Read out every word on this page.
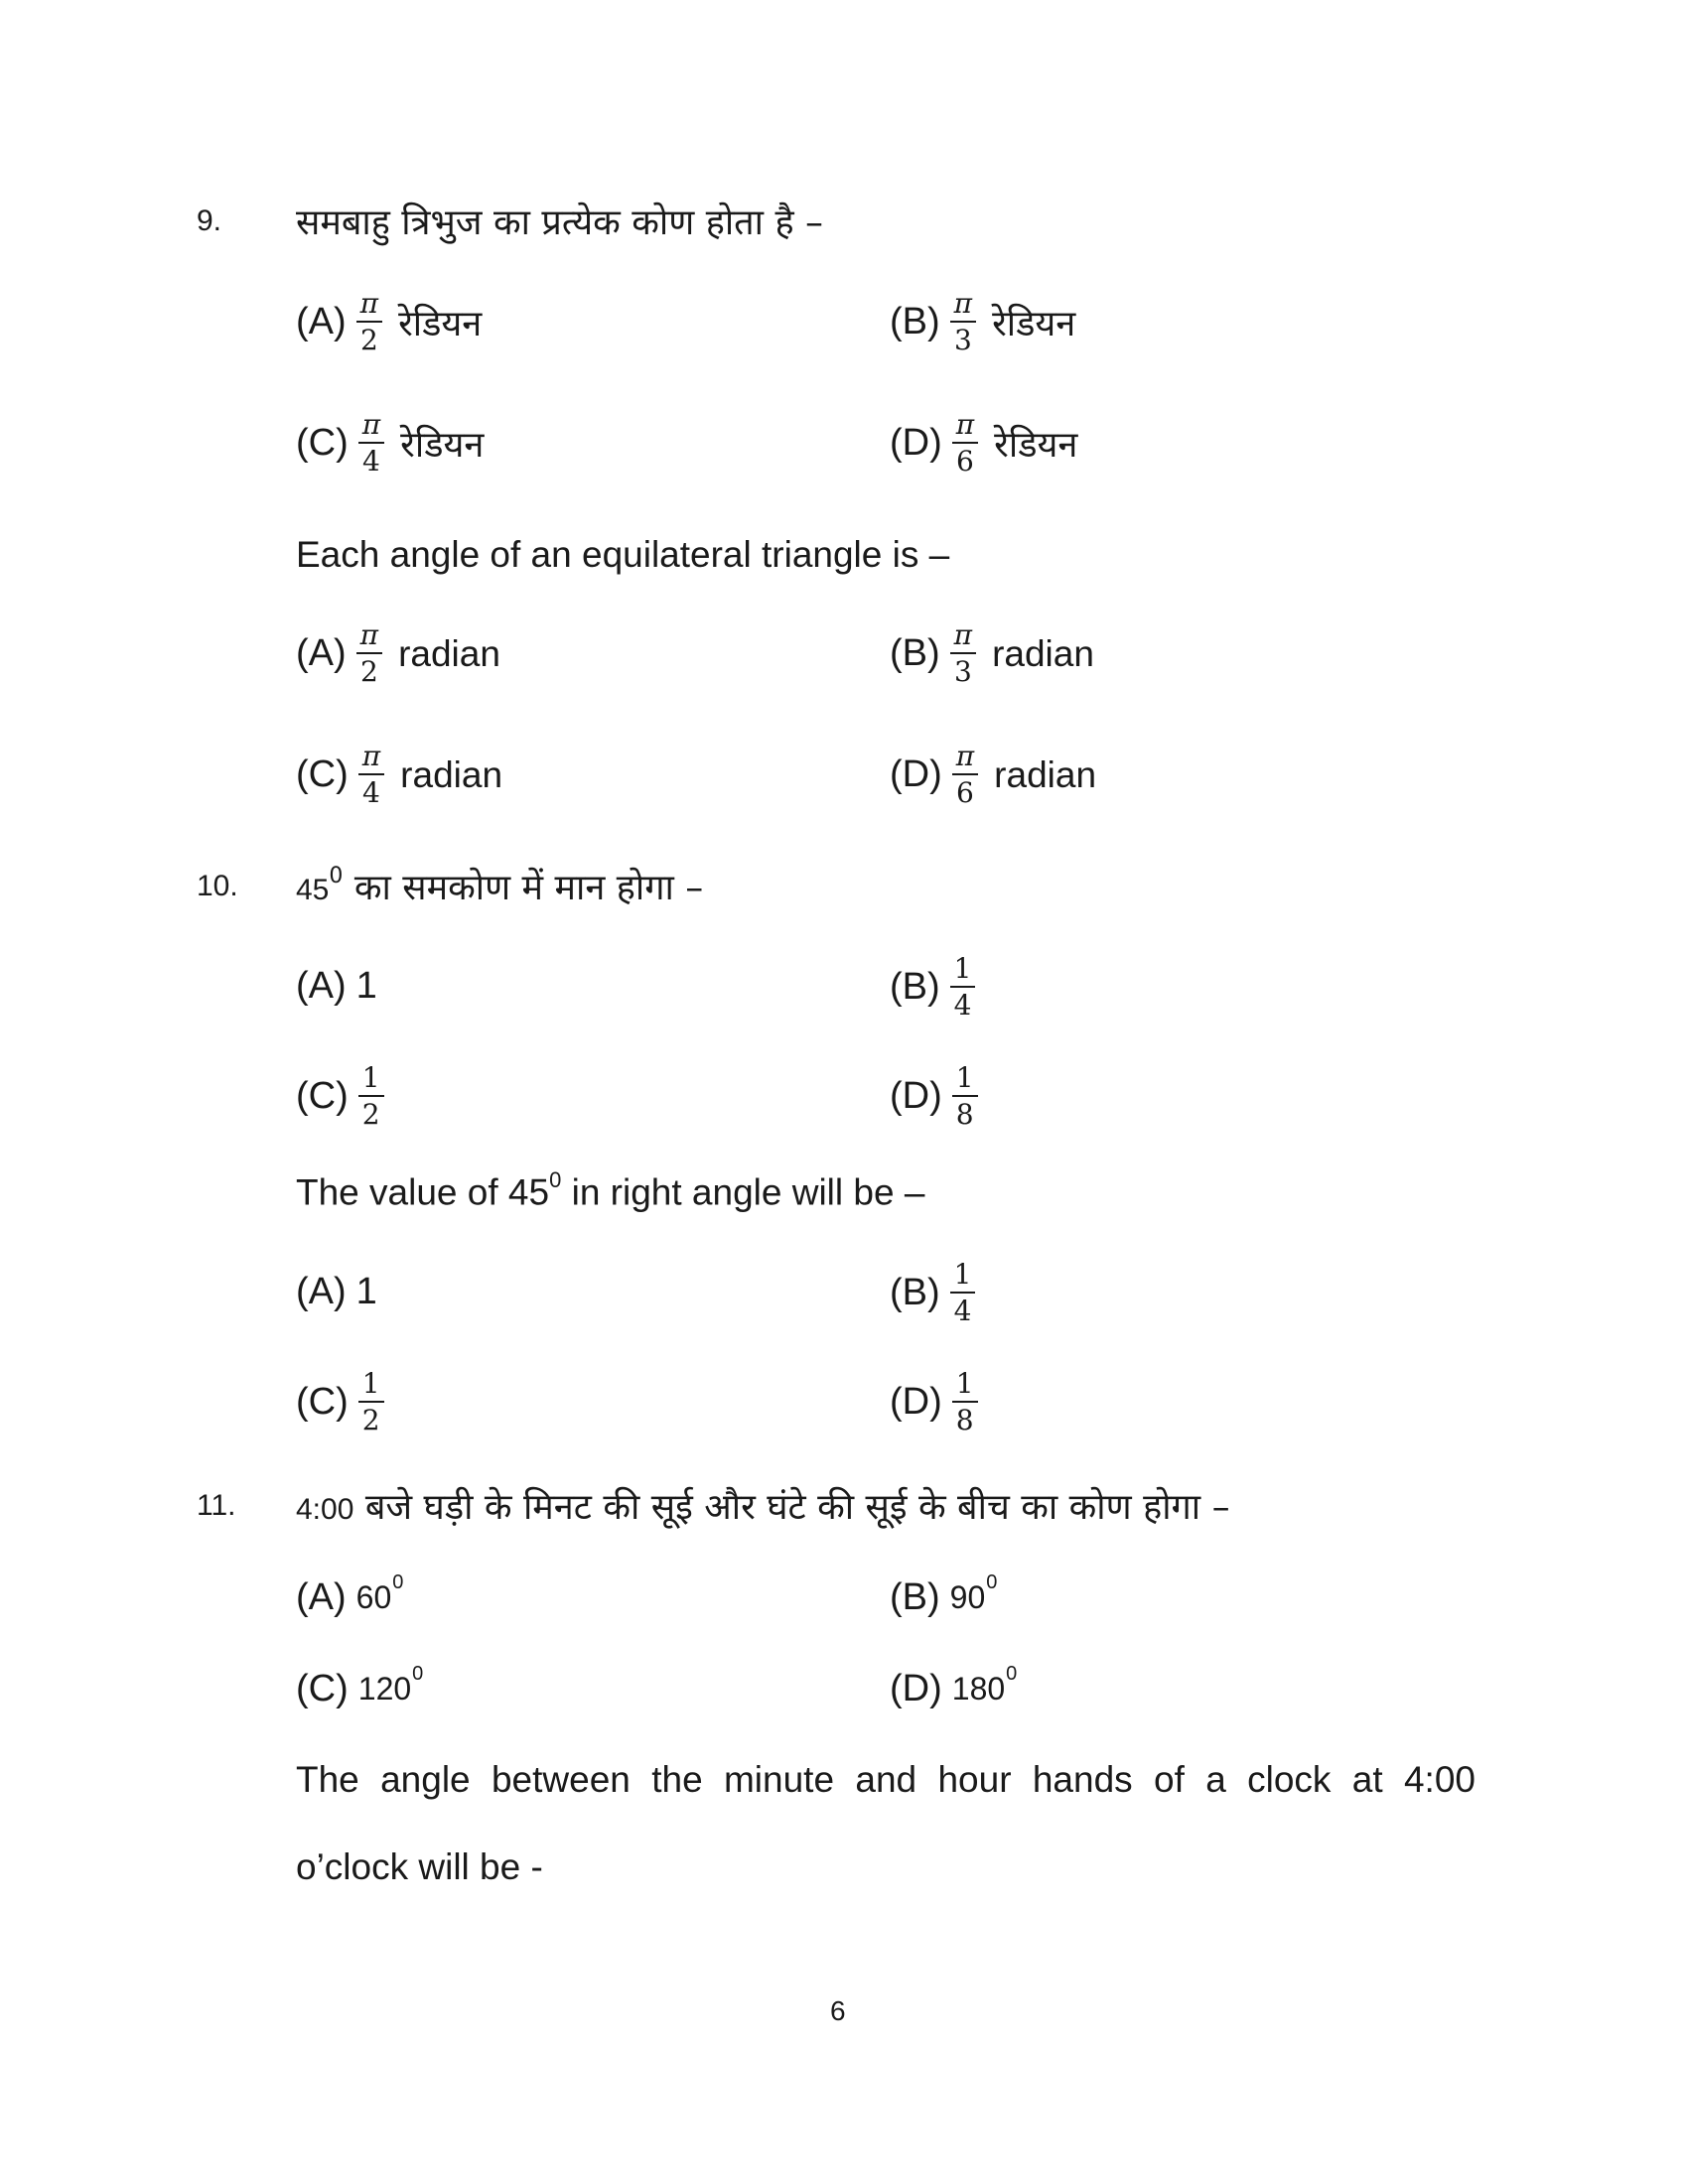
9. समबाहु त्रिभुज का प्रत्येक कोण होता है –
$(A) \frac{\pi}{2}$ रेडियन	$(B) \frac{\pi}{3}$ रेडियन
$(C) \frac{\pi}{4}$ रेडियन	$(D) \frac{\pi}{6}$ रेडियन
Each angle of an equilateral triangle is –
$(A) \frac{\pi}{2}$ radian	$(B) \frac{\pi}{3}$ radian
$(C) \frac{\pi}{4}$ radian	$(D) \frac{\pi}{6}$ radian
10. $45^0$ का समकोण में मान होगा –
(A) 1	$(B) \frac{1}{4}$
$(C) \frac{1}{2}$	$(D) \frac{1}{8}$
The value of $45^0$ in right angle will be –
(A) 1	$(B) \frac{1}{4}$
$(C) \frac{1}{2}$	$(D) \frac{1}{8}$
11. 4:00 बजे घड़ी के मिनट की सूई और घंटे की सूई के बीच का कोण होगा –
(A) $60^0$	(B) $90^0$
(C) $120^0$	(D) $180^0$
The angle between the minute and hour hands of a clock at 4:00
o’clock will be -
6
